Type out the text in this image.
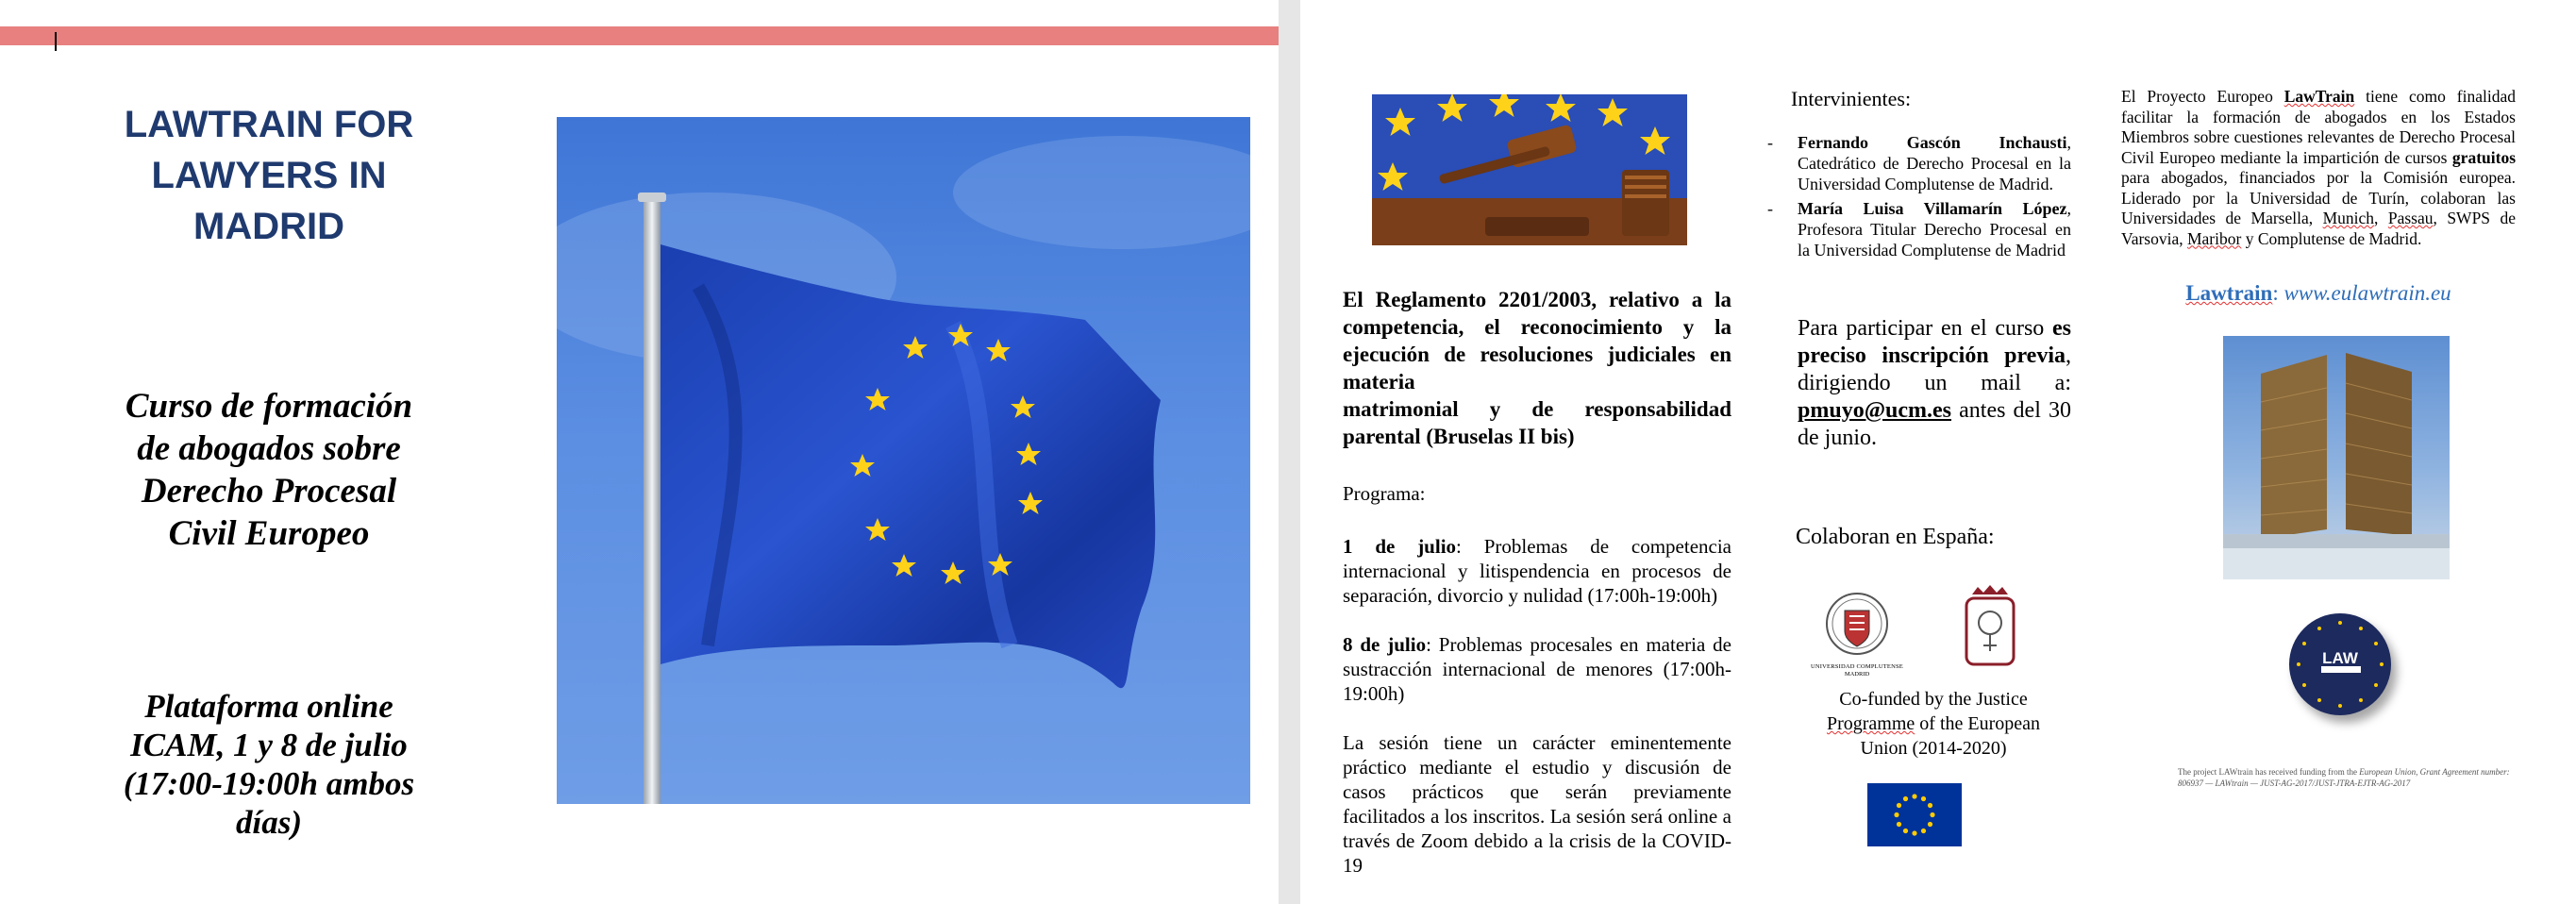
LAWTRAIN FOR
LAWYERS IN
MADRID
Curso de formación
de abogados sobre
Derecho Procesal
Civil Europeo
Plataforma online
ICAM, 1 y 8 de julio
(17:00-19:00h ambos
días)
El Reglamento 2201/2003, relativo a la competencia, el reconocimiento y la ejecución de resoluciones judiciales en materia
matrimonial y de responsabilidad parental (Bruselas II bis)

Programa:

1 de julio: Problemas de competencia internacional y litispendencia en procesos de separación, divorcio y nulidad (17:00h-19:00h)

8 de julio: Problemas procesales en materia de sustracción internacional de menores (17:00h-19:00h)

La sesión tiene un carácter eminentemente práctico mediante el estudio y discusión de casos prácticos que serán previamente facilitados a los inscritos. La sesión será online a través de Zoom debido a la crisis de la COVID-19

Intervinientes:
- Fernando Gascón Inchausti, Catedrático de Derecho Procesal en la Universidad Complutense de Madrid.
- María Luisa Villamarín López, Profesora Titular Derecho Procesal en la Universidad Complutense de Madrid

Para participar en el curso es preciso inscripción previa, dirigiendo un mail a: pmuyo@ucm.es antes del 30 de junio.

Colaboran en España:
UNIVERSIDAD COMPLUTENSE
MADRID
Co-funded by the Justice
Programme of the European
Union (2014-2020)

El Proyecto Europeo LawTrain tiene como finalidad facilitar la formación de abogados en los Estados Miembros sobre cuestiones relevantes de Derecho Procesal Civil Europeo mediante la impartición de cursos gratuitos para abogados, financiados por la Comisión europea. Liderado por la Universidad de Turín, colaboran las Universidades de Marsella, Munich, Passau, SWPS de Varsovia, Maribor y Complutense de Madrid.

Lawtrain: www.eulawtrain.eu
LAW

The project LAWtrain has received funding from the European Union, Grant Agreement number: 806937 — LAWtrain — JUST-AG-2017/JUST-JTRA-EJTR-AG-2017
